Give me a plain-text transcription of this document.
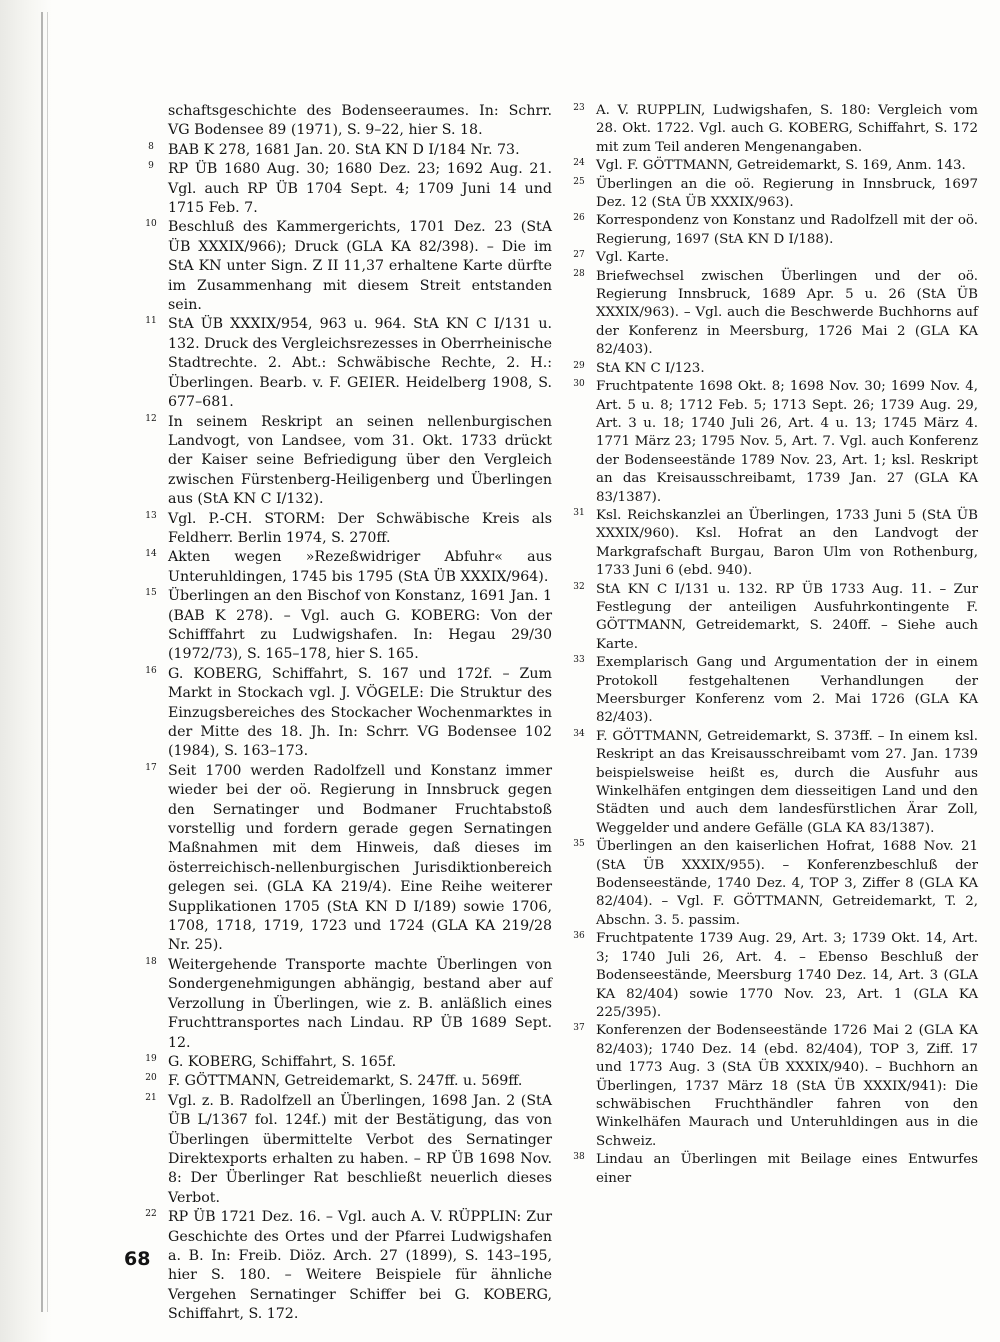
schaftsgeschichte des Bodenseeraumes. In: Schrr. VG Bodensee 89 (1971), S. 9–22, hier S. 18.
8 BAB K 278, 1681 Jan. 20. StA KN D I/184 Nr. 73.
9 RP ÜB 1680 Aug. 30; 1680 Dez. 23; 1692 Aug. 21. Vgl. auch RP ÜB 1704 Sept. 4; 1709 Juni 14 und 1715 Feb. 7.
10 Beschluß des Kammergerichts, 1701 Dez. 23 (StA ÜB XXXIX/966); Druck (GLA KA 82/398). – Die im StA KN unter Sign. Z II 11,37 erhaltene Karte dürfte im Zusammenhang mit diesem Streit entstanden sein.
11 StA ÜB XXXIX/954, 963 u. 964. StA KN C I/131 u. 132. Druck des Vergleichsrezesses in Oberrheinische Stadtrechte. 2. Abt.: Schwäbische Rechte, 2. H.: Überlingen. Bearb. v. F. GEIER. Heidelberg 1908, S. 677–681.
12 In seinem Reskript an seinen nellenburgischen Landvogt, von Landsee, vom 31. Okt. 1733 drückt der Kaiser seine Befriedigung über den Vergleich zwischen Fürstenberg-Heiligenberg und Überlingen aus (StA KN C I/132).
13 Vgl. P.-CH. STORM: Der Schwäbische Kreis als Feldherr. Berlin 1974, S. 270ff.
14 Akten wegen »Rezeßwidriger Abfuhr« aus Unteruhldingen, 1745 bis 1795 (StA ÜB XXXIX/964).
15 Überlingen an den Bischof von Konstanz, 1691 Jan. 1 (BAB K 278). – Vgl. auch G. KOBERG: Von der Schifffahrt zu Ludwigshafen. In: Hegau 29/30 (1972/73), S. 165–178, hier S. 165.
16 G. KOBERG, Schiffahrt, S. 167 und 172f. – Zum Markt in Stockach vgl. J. VÖGELE: Die Struktur des Einzugsbereiches des Stockacher Wochenmarktes in der Mitte des 18. Jh. In: Schrr. VG Bodensee 102 (1984), S. 163–173.
17 Seit 1700 werden Radolfzell und Konstanz immer wieder bei der oö. Regierung in Innsbruck gegen den Sernatinger und Bodmaner Fruchtabstoß vorstellig und fordern gerade gegen Sernatingen Maßnahmen mit dem Hinweis, daß dieses im österreichisch-nellenburgischen Jurisdiktionbereich gelegen sei. (GLA KA 219/4). Eine Reihe weiterer Supplikationen 1705 (StA KN D I/189) sowie 1706, 1708, 1718, 1719, 1723 und 1724 (GLA KA 219/28 Nr. 25).
18 Weitergehende Transporte machte Überlingen von Sondergenehmigungen abhängig, bestand aber auf Verzollung in Überlingen, wie z. B. anläßlich eines Fruchttransportes nach Lindau. RP ÜB 1689 Sept. 12.
19 G. KOBERG, Schiffahrt, S. 165f.
20 F. GÖTTMANN, Getreidemarkt, S. 247ff. u. 569ff.
21 Vgl. z. B. Radolfzell an Überlingen, 1698 Jan. 2 (StA ÜB L/1367 fol. 124f.) mit der Bestätigung, das von Überlingen übermittelte Verbot des Sernatinger Direktexports erhalten zu haben. – RP ÜB 1698 Nov. 8: Der Überlinger Rat beschließt neuerlich dieses Verbot.
22 RP ÜB 1721 Dez. 16. – Vgl. auch A. V. RÜPPLIN: Zur Geschichte des Ortes und der Pfarrei Ludwigshafen a. B. In: Freib. Diöz. Arch. 27 (1899), S. 143–195, hier S. 180. – Weitere Beispiele für ähnliche Vergehen Sernatinger Schiffer bei G. KOBERG, Schiffahrt, S. 172.
23 A. V. RUPPLIN, Ludwigshafen, S. 180: Vergleich vom 28. Okt. 1722. Vgl. auch G. KOBERG, Schiffahrt, S. 172 mit zum Teil anderen Mengenangaben.
24 Vgl. F. GÖTTMANN, Getreidemarkt, S. 169, Anm. 143.
25 Überlingen an die oö. Regierung in Innsbruck, 1697 Dez. 12 (StA ÜB XXXIX/963).
26 Korrespondenz von Konstanz und Radolfzell mit der oö. Regierung, 1697 (StA KN D I/188).
27 Vgl. Karte.
28 Briefwechsel zwischen Überlingen und der oö. Regierung Innsbruck, 1689 Apr. 5 u. 26 (StA ÜB XXXIX/963). – Vgl. auch die Beschwerde Buchhorns auf der Konferenz in Meersburg, 1726 Mai 2 (GLA KA 82/403).
29 StA KN C I/123.
30 Fruchtpatente 1698 Okt. 8; 1698 Nov. 30; 1699 Nov. 4, Art. 5 u. 8; 1712 Feb. 5; 1713 Sept. 26; 1739 Aug. 29, Art. 3 u. 18; 1740 Juli 26, Art. 4 u. 13; 1745 März 4. 1771 März 23; 1795 Nov. 5, Art. 7. Vgl. auch Konferenz der Bodenseestände 1789 Nov. 23, Art. 1; ksl. Reskript an das Kreisausschreibamt, 1739 Jan. 27 (GLA KA 83/1387).
31 Ksl. Reichskanzlei an Überlingen, 1733 Juni 5 (StA ÜB XXXIX/960). Ksl. Hofrat an den Landvogt der Markgrafschaft Burgau, Baron Ulm von Rothenburg, 1733 Juni 6 (ebd. 940).
32 StA KN C I/131 u. 132. RP ÜB 1733 Aug. 11. – Zur Festlegung der anteiligen Ausfuhrkontingente F. GÖTTMANN, Getreidemarkt, S. 240ff. – Siehe auch Karte.
33 Exemplarisch Gang und Argumentation der in einem Protokoll festgehaltenen Verhandlungen der Meersburger Konferenz vom 2. Mai 1726 (GLA KA 82/403).
34 F. GÖTTMANN, Getreidemarkt, S. 373ff. – In einem ksl. Reskript an das Kreisausschreibamt vom 27. Jan. 1739 beispielsweise heißt es, durch die Ausfuhr aus Winkelhäfen entgingen dem diesseitigen Land und den Städten und auch dem landesfürstlichen Ärar Zoll, Weggelder und andere Gefälle (GLA KA 83/1387).
35 Überlingen an den kaiserlichen Hofrat, 1688 Nov. 21 (StA ÜB XXXIX/955). – Konferenzbeschluß der Bodenseestände, 1740 Dez. 4, TOP 3, Ziffer 8 (GLA KA 82/404). – Vgl. F. GÖTTMANN, Getreidemarkt, T. 2, Abschn. 3. 5. passim.
36 Fruchtpatente 1739 Aug. 29, Art. 3; 1739 Okt. 14, Art. 3; 1740 Juli 26, Art. 4. – Ebenso Beschluß der Bodenseestände, Meersburg 1740 Dez. 14, Art. 3 (GLA KA 82/404) sowie 1770 Nov. 23, Art. 1 (GLA KA 225/395).
37 Konferenzen der Bodenseestände 1726 Mai 2 (GLA KA 82/403); 1740 Dez. 14 (ebd. 82/404), TOP 3, Ziff. 17 und 1773 Aug. 3 (StA ÜB XXXIX/940). – Buchhorn an Überlingen, 1737 März 18 (StA ÜB XXXIX/941): Die schwäbischen Fruchthändler fahren von den Winkelhäfen Maurach und Unteruhldingen aus in die Schweiz.
38 Lindau an Überlingen mit Beilage eines Entwurfes einer
68
